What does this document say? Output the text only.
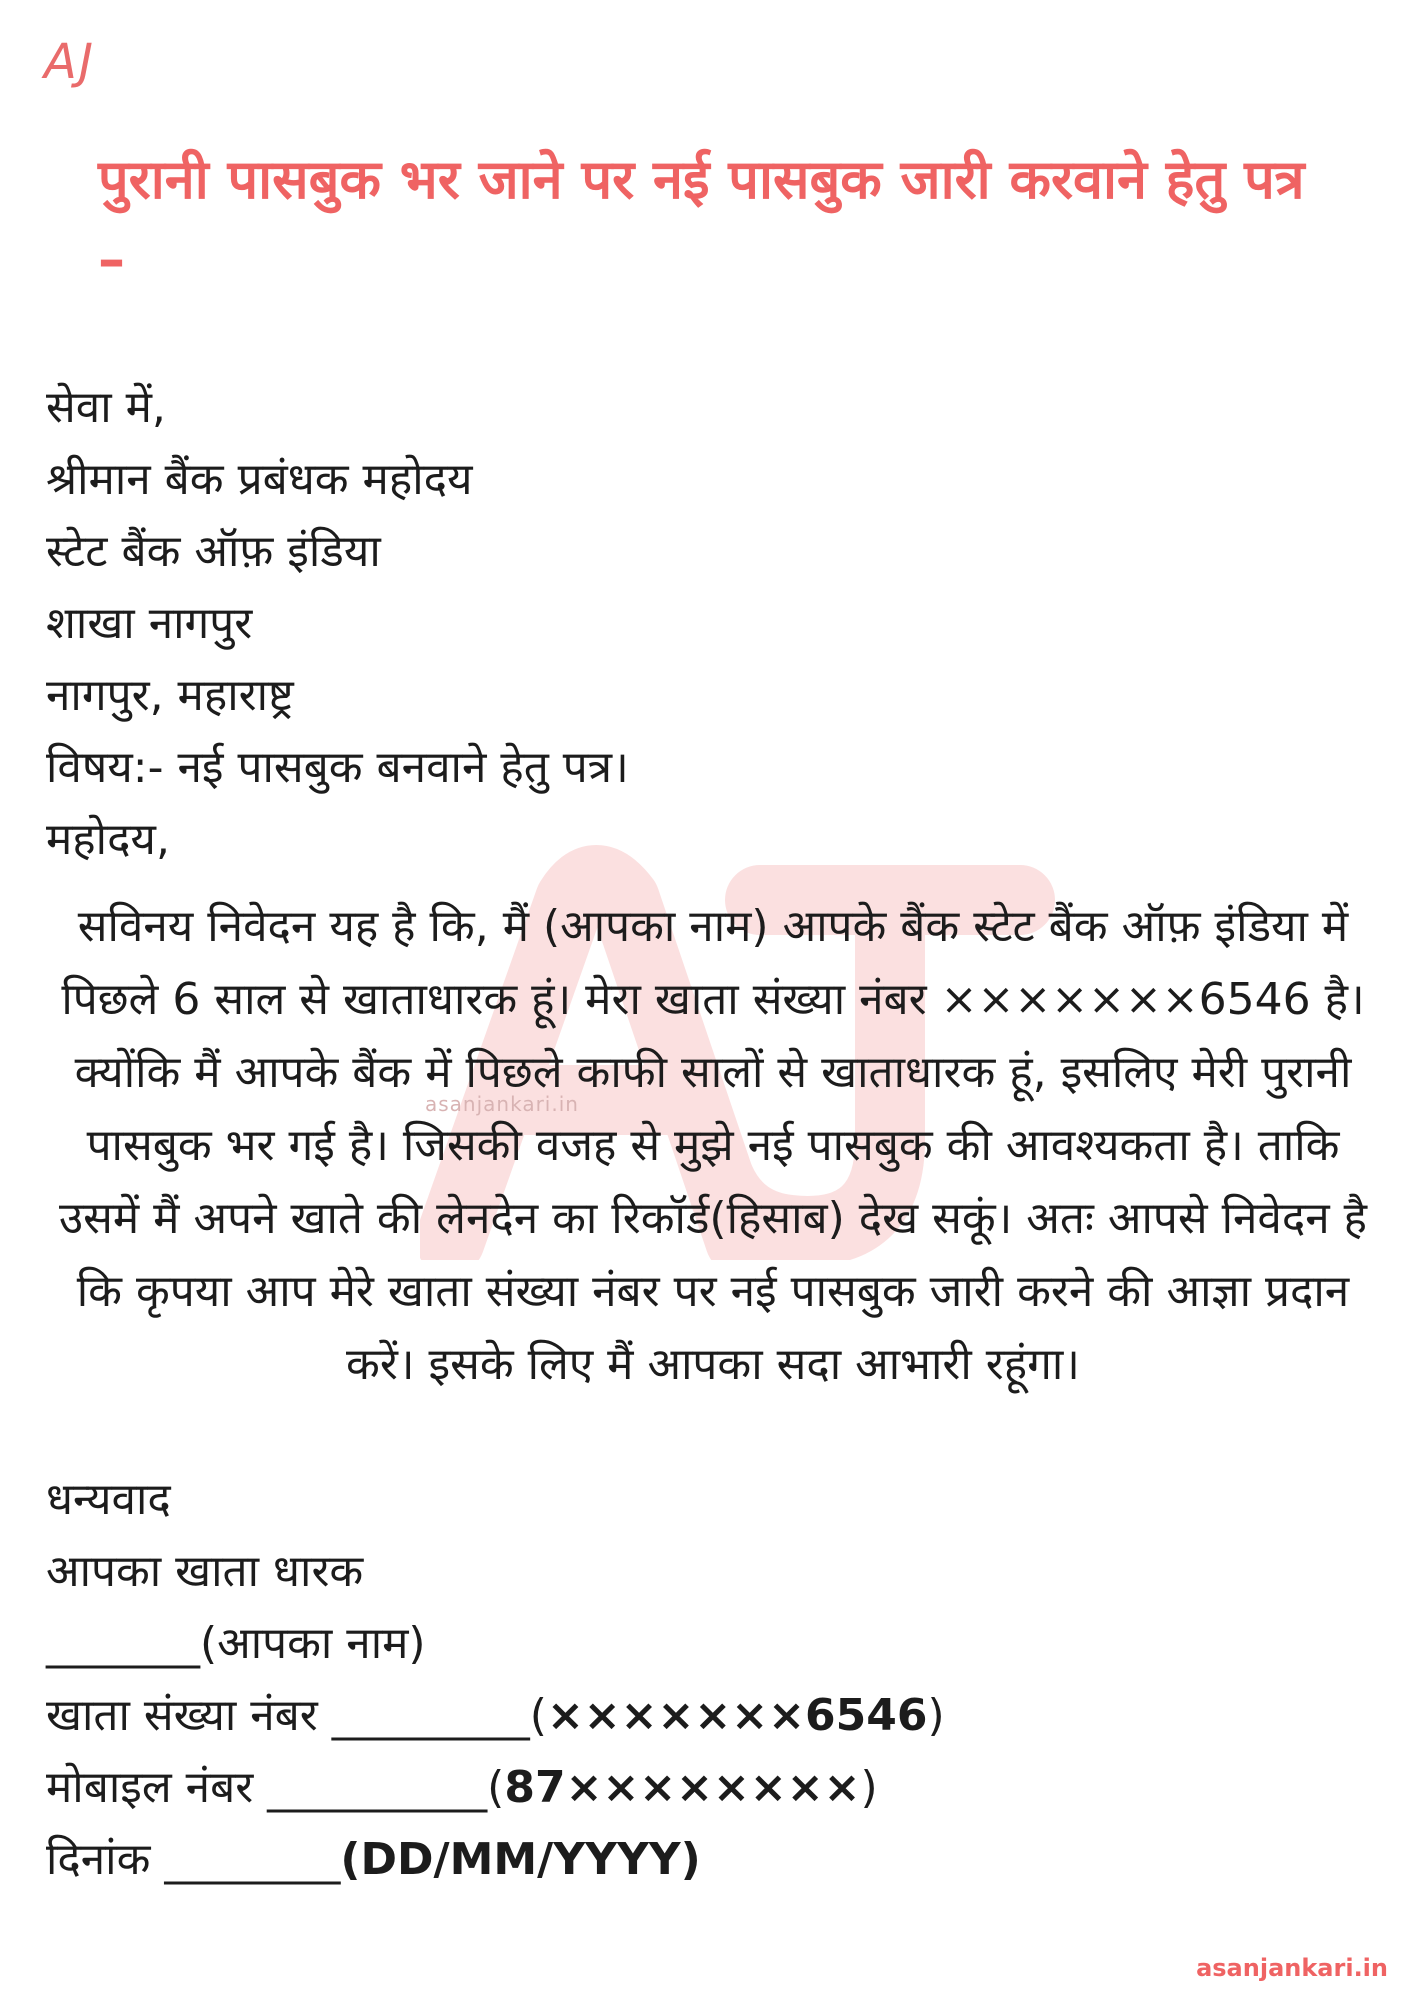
AJ
पुरानी पासबुक भर जाने पर नई पासबुक जारी करवाने हेतु पत्र –
asanjankari.in

सेवा में,

श्रीमान बैंक प्रबंधक महोदय

स्टेट बैंक ऑफ़ इंडिया

शाखा नागपुर

नागपुर, महाराष्ट्र

विषय:- नई पासबुक बनवाने हेतु पत्र।

महोदय,

सविनय निवेदन यह है कि, मैं (आपका नाम) आपके बैंक स्टेट बैंक ऑफ़ इंडिया में पिछले 6 साल से खाताधारक हूं। मेरा खाता संख्या नंबर ×××××××6546 है। क्योंकि मैं आपके बैंक में पिछले काफी सालों से खाताधारक हूं, इसलिए मेरी पुरानी पासबुक भर गई है। जिसकी वजह से मुझे नई पासबुक की आवश्यकता है। ताकि उसमें मैं अपने खाते की लेनदेन का रिकॉर्ड(हिसाब) देख सकूं। अतः आपसे निवेदन है कि कृपया आप मेरे खाता संख्या नंबर पर नई पासबुक जारी करने की आज्ञा प्रदान करें। इसके लिए मैं आपका सदा आभारी रहूंगा।

धन्यवाद

आपका खाता धारक

_______(आपका नाम)

खाता संख्या नंबर _________(×××××××6546)

मोबाइल नंबर __________(87××××××××)

दिनांक ________(DD/MM/YYYY)

asanjankari.in
